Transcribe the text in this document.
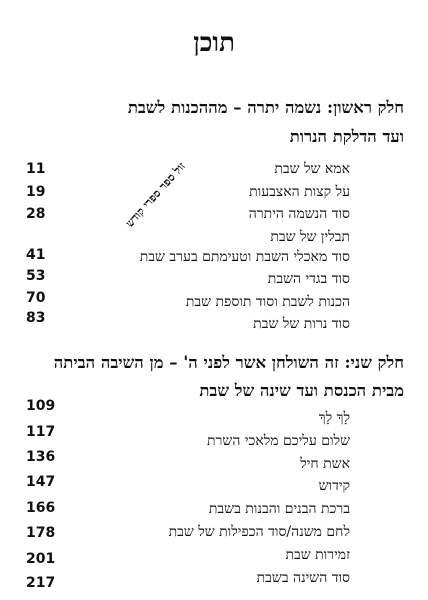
תוכן
חלק ראשון: נשמה יתרה – מההכנות לשבת
ועד הדלקת הנרות
אמא של שבת
11
על קצות האצבעות
19
סוד הנשמה היתרה
28
תבלין של שבת
סוד מאכלי השבת וטעימתם בערב שבת
41
סוד בגדי השבת
53
הכנות לשבת וסוד תוספת שבת
70
סוד נרות של שבת
83
חלק שני: זה השולחן אשר לפני ה' – מן השיבה הביתה
מבית הכנסת ועד שינה של שבת
לָךְ לָךְ
109
שלום עליכם מלאכי השרת
117
אשת חיל
136
קידוש
147
ברכת הבנים והבנות בשבת
166
לחם משנה/סוד הכפילות של שבת
178
זמירות שבת
201
סוד השינה בשבת
217
זול ספר ספרי קודש
